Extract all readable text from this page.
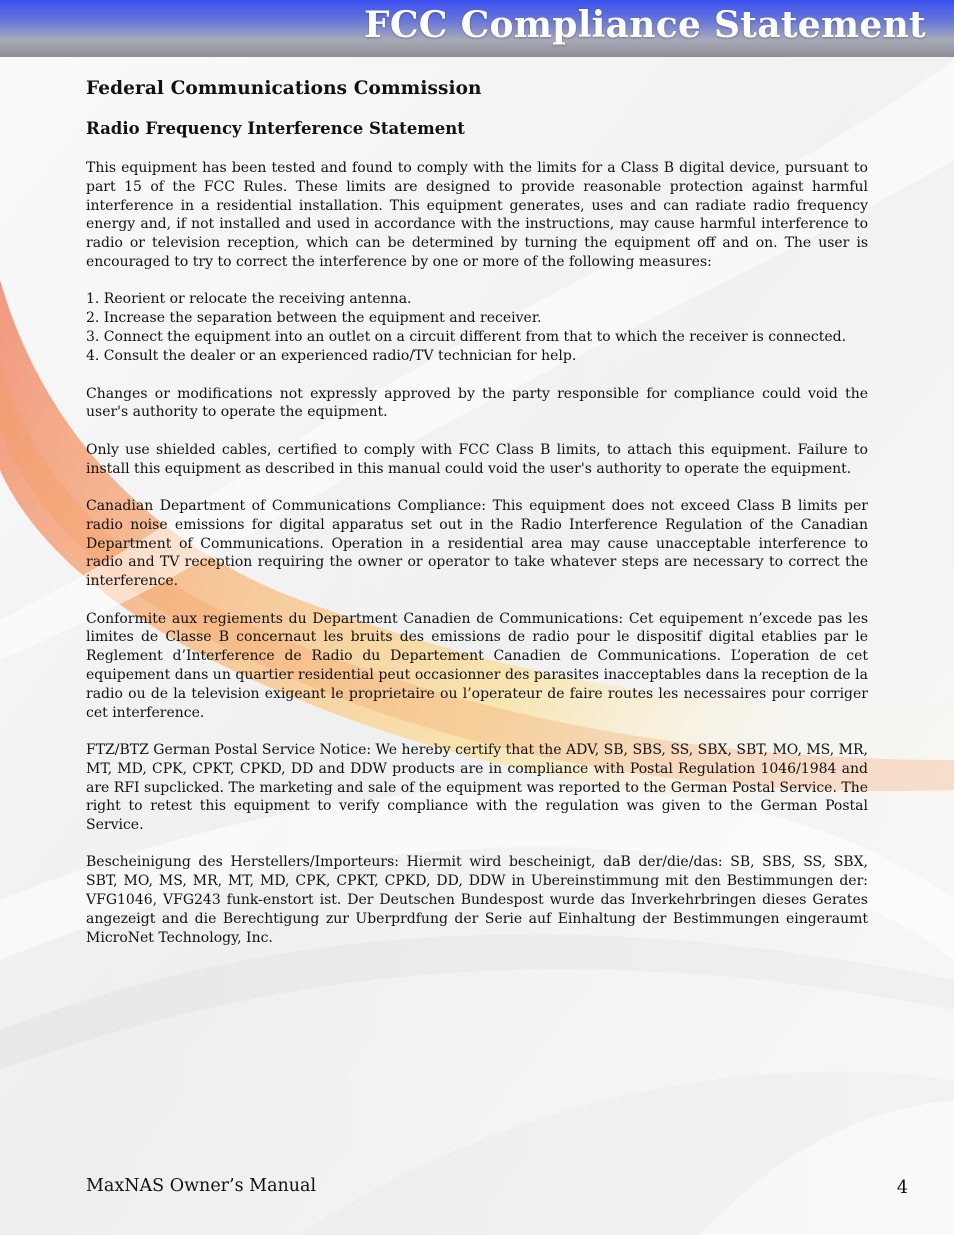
FCC Compliance Statement
Federal Communications Commission
Radio Frequency Interference Statement

This equipment has been tested and found to comply with the limits for a Class B digital device, pursuant to part 15 of the FCC Rules. These limits are designed to provide reasonable protection against harmful interference in a residential installation. This equipment generates, uses and can radiate radio frequency energy and, if not installed and used in accordance with the instructions, may cause harmful interference to radio or television reception, which can be determined by turning the equipment off and on. The user is encouraged to try to correct the interference by one or more of the following measures:

1. Reorient or relocate the receiving antenna.
2. Increase the separation between the equipment and receiver.
3. Connect the equipment into an outlet on a circuit different from that to which the receiver is connected.
4. Consult the dealer or an experienced radio/TV technician for help.

Changes or modifications not expressly approved by the party responsible for compliance could void the user's authority to operate the equipment.

Only use shielded cables, certified to comply with FCC Class B limits, to attach this equipment. Failure to install this equipment as described in this manual could void the user's authority to operate the equipment.

Canadian Department of Communications Compliance: This equipment does not exceed Class B limits per radio noise emissions for digital apparatus set out in the Radio Interference Regulation of the Canadian Department of Communications. Operation in a residential area may cause unacceptable interference to radio and TV reception requiring the owner or operator to take whatever steps are necessary to correct the interference.

Conformite aux regiements du Department Canadien de Communications: Cet equipement n’excede pas les limites de Classe B concernaut les bruits des emissions de radio pour le dispositif digital etablies par le Reglement d’Interference de Radio du Departement Canadien de Communications. L’operation de cet equipement dans un quartier residential peut occasionner des parasites inacceptables dans la reception de la radio ou de la television exigeant le proprietaire ou l’operateur de faire routes les necessaires pour corriger cet interference.

FTZ/BTZ German Postal Service Notice: We hereby certify that the ADV, SB, SBS, SS, SBX, SBT, MO, MS, MR, MT, MD, CPK, CPKT, CPKD, DD and DDW products are in compliance with Postal Regulation 1046/1984 and are RFI supclicked. The marketing and sale of the equipment was reported to the German Postal Service. The right to retest this equipment to verify compliance with the regulation was given to the German Postal Service.

Bescheinigung des Herstellers/Importeurs: Hiermit wird bescheinigt, daB der/die/das: SB, SBS, SS, SBX, SBT, MO, MS, MR, MT, MD, CPK, CPKT, CPKD, DD, DDW in Ubereinstimmung mit den Bestimmungen der: VFG1046, VFG243 funk-enstort ist. Der Deutschen Bundespost wurde das Inverkehrbringen dieses Gerates angezeigt and die Berechtigung zur Uberprdfung der Serie auf Einhaltung der Bestimmungen eingeraumt MicroNet Technology, Inc.

MaxNAS Owner’s Manual	4
